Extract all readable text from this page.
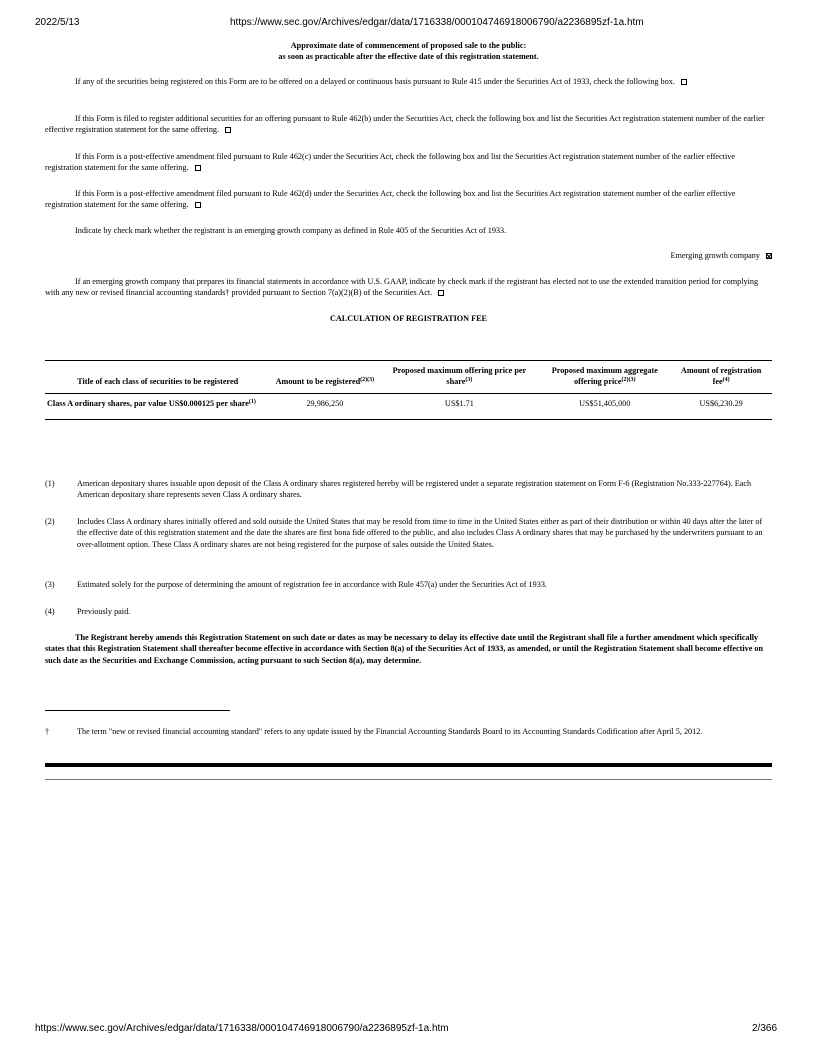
2022/5/13	https://www.sec.gov/Archives/edgar/data/1716338/000104746918006790/a2236895zf-1a.htm
Approximate date of commencement of proposed sale to the public:
as soon as practicable after the effective date of this registration statement.
If any of the securities being registered on this Form are to be offered on a delayed or continuous basis pursuant to Rule 415 under the Securities Act of 1933, check the following box.
If this Form is filed to register additional securities for an offering pursuant to Rule 462(b) under the Securities Act, check the following box and list the Securities Act registration statement number of the earlier effective registration statement for the same offering.
If this Form is a post-effective amendment filed pursuant to Rule 462(c) under the Securities Act, check the following box and list the Securities Act registration statement number of the earlier effective registration statement for the same offering.
If this Form is a post-effective amendment filed pursuant to Rule 462(d) under the Securities Act, check the following box and list the Securities Act registration statement number of the earlier effective registration statement for the same offering.
Indicate by check mark whether the registrant is an emerging growth company as defined in Rule 405 of the Securities Act of 1933.
Emerging growth company
If an emerging growth company that prepares its financial statements in accordance with U.S. GAAP, indicate by check mark if the registrant has elected not to use the extended transition period for complying with any new or revised financial accounting standards† provided pursuant to Section 7(a)(2)(B) of the Securities Act.
CALCULATION OF REGISTRATION FEE
Title of each class of securities to be registered	Amount to be registered$^{(2)(3)}$	Proposed maximum offering price per share$^{(3)}$	Proposed maximum aggregate offering price$^{(2)(3)}$	Amount of registration fee$^{(4)}$
Class A ordinary shares, par value US$0.000125 per share$^{(1)}$	29,986,250	US$1.71	US$51,405,000	US$6,230.29
(1)	American depositary shares issuable upon deposit of the Class A ordinary shares registered hereby will be registered under a separate registration statement on Form F-6 (Registration No.333-227764). Each American depositary share represents seven Class A ordinary shares.
(2)	Includes Class A ordinary shares initially offered and sold outside the United States that may be resold from time to time in the United States either as part of their distribution or within 40 days after the later of the effective date of this registration statement and the date the shares are first bona fide offered to the public, and also includes Class A ordinary shares that may be purchased by the underwriters pursuant to an over-allotment option. These Class A ordinary shares are not being registered for the purpose of sales outside the United States.
(3)	Estimated solely for the purpose of determining the amount of registration fee in accordance with Rule 457(a) under the Securities Act of 1933.
(4)	Previously paid.
The Registrant hereby amends this Registration Statement on such date or dates as may be necessary to delay its effective date until the Registrant shall file a further amendment which specifically states that this Registration Statement shall thereafter become effective in accordance with Section 8(a) of the Securities Act of 1933, as amended, or until the Registration Statement shall become effective on such date as the Securities and Exchange Commission, acting pursuant to such Section 8(a), may determine.
†	The term "new or revised financial accounting standard" refers to any update issued by the Financial Accounting Standards Board to its Accounting Standards Codification after April 5, 2012.
https://www.sec.gov/Archives/edgar/data/1716338/000104746918006790/a2236895zf-1a.htm	2/366
